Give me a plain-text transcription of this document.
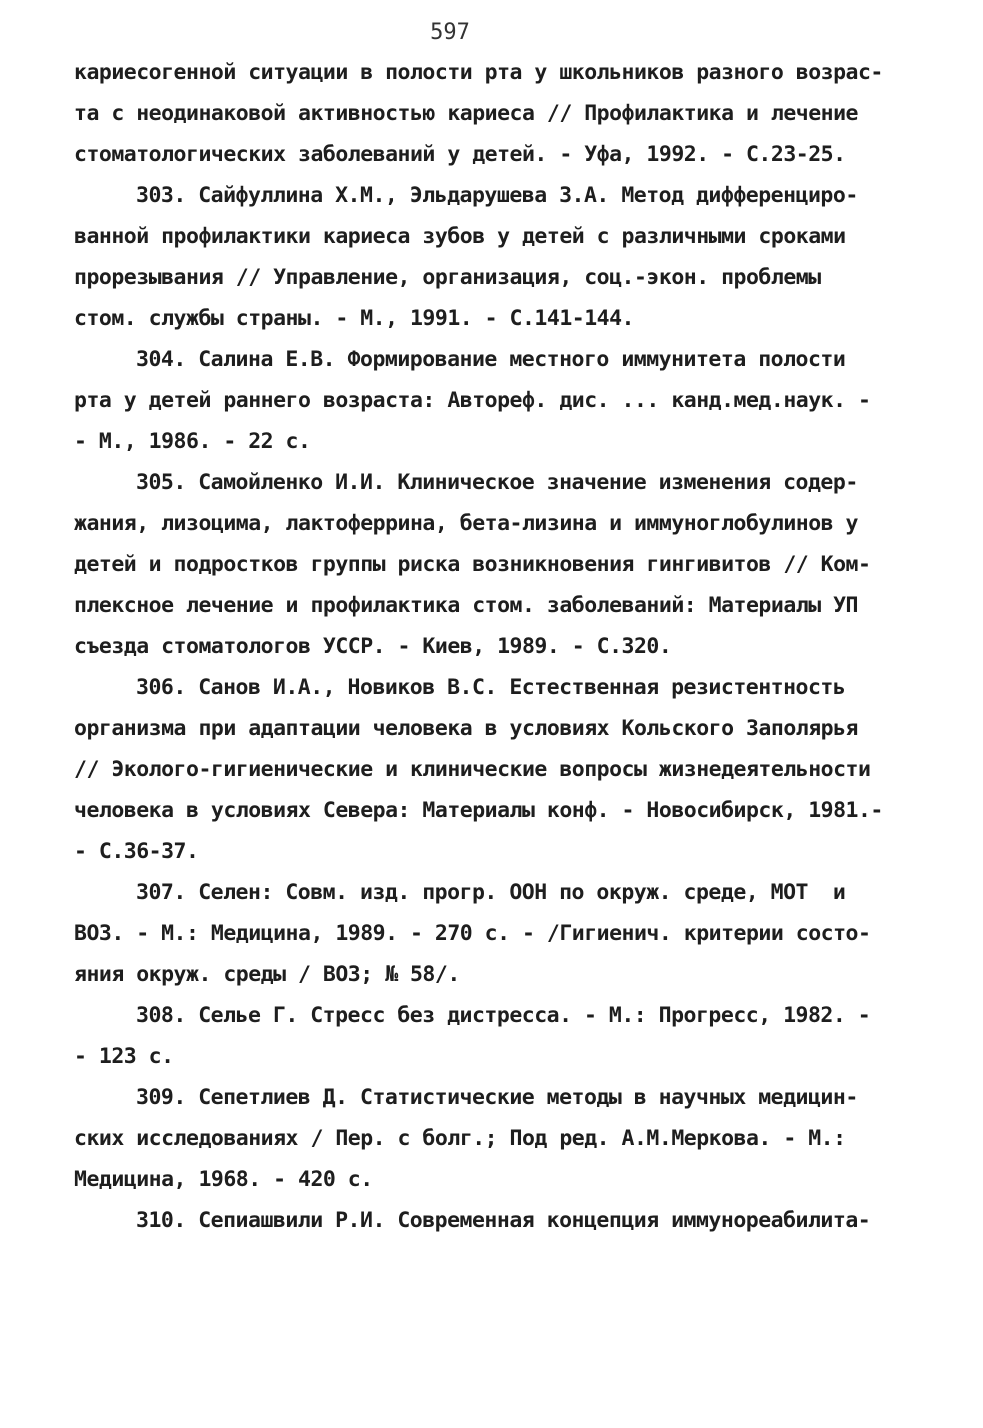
597
кариесогенной ситуации в полости рта у школьников разного возрас-
та с неодинаковой активностью кариеса // Профилактика и лечение
стоматологических заболеваний у детей. - Уфа, 1992. - С.23-25.
303. Сайфуллина Х.М., Эльдарушева З.А. Метод дифференциро-
ванной профилактики кариеса зубов у детей с различными сроками
прорезывания // Управление, организация, соц.-экон. проблемы
стом. службы страны. - М., 1991. - С.141-144.
304. Салина Е.В. Формирование местного иммунитета полости
рта у детей раннего возраста: Автореф. дис. ... канд.мед.наук. -
- М., 1986. - 22 с.
305. Самойленко И.И. Клиническое значение изменения содер-
жания, лизоцима, лактоферрина, бета-лизина и иммуноглобулинов у
детей и подростков группы риска возникновения гингивитов // Ком-
плексное лечение и профилактика стом. заболеваний: Материалы УП
съезда стоматологов УССР. - Киев, 1989. - С.320.
306. Санов И.А., Новиков В.С. Естественная резистентность
организма при адаптации человека в условиях Кольского Заполярья
// Эколого-гигиенические и клинические вопросы жизнедеятельности
человека в условиях Севера: Материалы конф. - Новосибирск, 1981.-
- С.36-37.
307. Селен: Совм. изд. прогр. ООН по окруж. среде, МОТ  и
ВОЗ. - М.: Медицина, 1989. - 270 с. - /Гигиенич. критерии состо-
яния окруж. среды / ВОЗ; № 58/.
308. Селье Г. Стресс без дистресса. - М.: Прогресс, 1982. -
- 123 с.
309. Сепетлиев Д. Статистические методы в научных медицин-
ских исследованиях / Пер. с болг.; Под ред. А.М.Меркова. - М.:
Медицина, 1968. - 420 с.
310. Сепиашвили Р.И. Современная концепция иммунореабилита-
